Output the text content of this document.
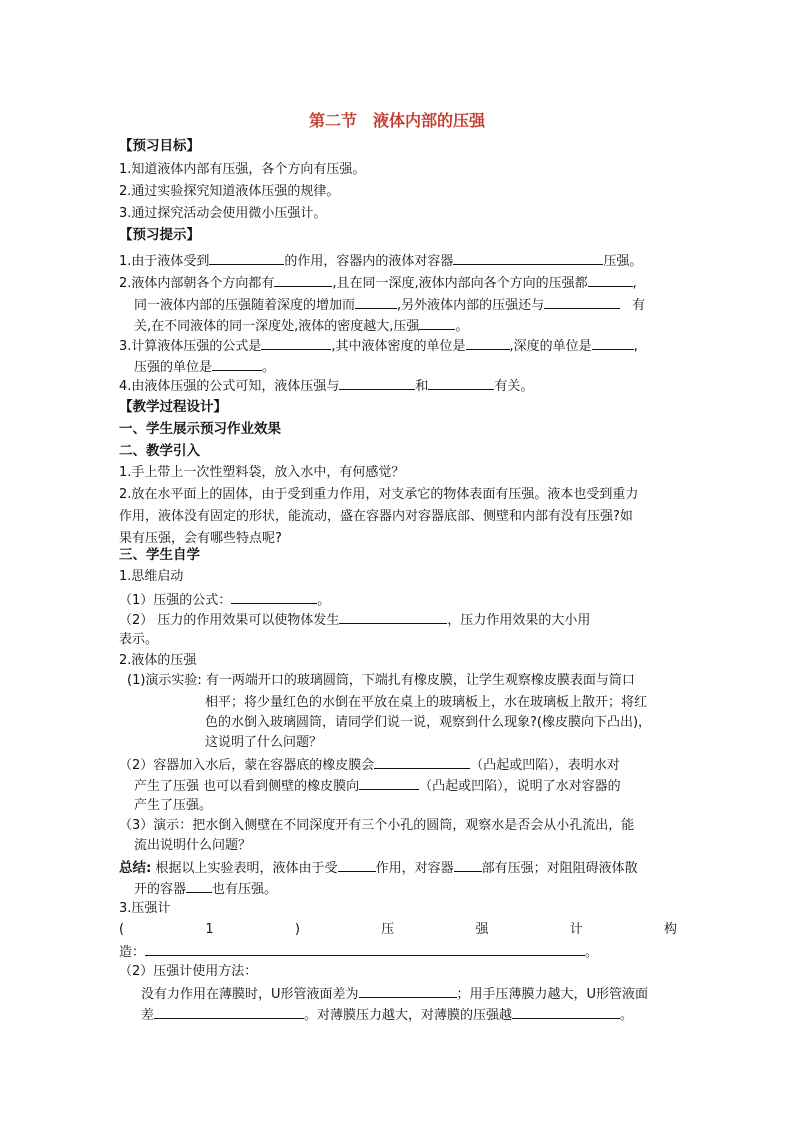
第二节　液体内部的压强
【预习目标】
1.知道液体内部有压强，各个方向有压强。
2.通过实验探究知道液体压强的规律。
3.通过探究活动会使用微小压强计。
【预习提示】
1.由于液体受到	的作用，容器内的液体对容器	压强。
2.液体内部朝各个方向都有	,且在同一深度,液体内部向各个方向的压强都	,
同一液体内部的压强随着深度的增加而	,另外液体内部的压强还与	有
关,在不同液体的同一深度处,液体的密度越大,压强	。
3.计算液体压强的公式是	,其中液体密度的单位是	,深度的单位是	,
压强的单位是	。
4.由液体压强的公式可知，液体压强与	和	有关。
【教学过程设计】
一、学生展示预习作业效果
二、教学引入
1.手上带上一次性塑料袋，放入水中，有何感觉？
2.放在水平面上的固体，由于受到重力作用，对支承它的物体表面有压强。液本也受到重力
作用，液体没有固定的形状，能流动，盛在容器内对容器底部、侧壁和内部有没有压强?如
果有压强，会有哪些特点呢?
三、学生自学
1.思维启动
（1）压强的公式：	。
（2） 压力的作用效果可以使物体发生	，压力作用效果的大小用
表示。
2.液体的压强
(1)演示实验: 有一两端开口的玻璃圆筒，下端扎有橡皮膜，让学生观察橡皮膜表面与筒口
相平；将少量红色的水倒在平放在桌上的玻璃板上，水在玻璃板上散开；将红
色的水倒入玻璃圆筒，请同学们说一说，观察到什么现象?(橡皮膜向下凸出)，
这说明了什么问题？
（2）容器加入水后，蒙在容器底的橡皮膜会	（凸起或凹陷），表明水对
产生了压强 也可以看到侧壁的橡皮膜向	（凸起或凹陷），说明了水对容器的
产生了压强。
（3）演示：把水倒入侧壁在不同深度开有三个小孔的圆筒，观察水是否会从小孔流出，能
流出说明什么问题？
总结: 根据以上实验表明，液体由于受	作用，对容器 部有压强；对阻阻碍液体散
开的容器 也有压强。
3.压强计
(	1	)	压	强	计	构
造：	。
（2）压强计使用方法：
没有力作用在薄膜时，U形管液面差为	；用手压薄膜力越大，U形管液面
差	。对薄膜压力越大，对薄膜的压强越	。
